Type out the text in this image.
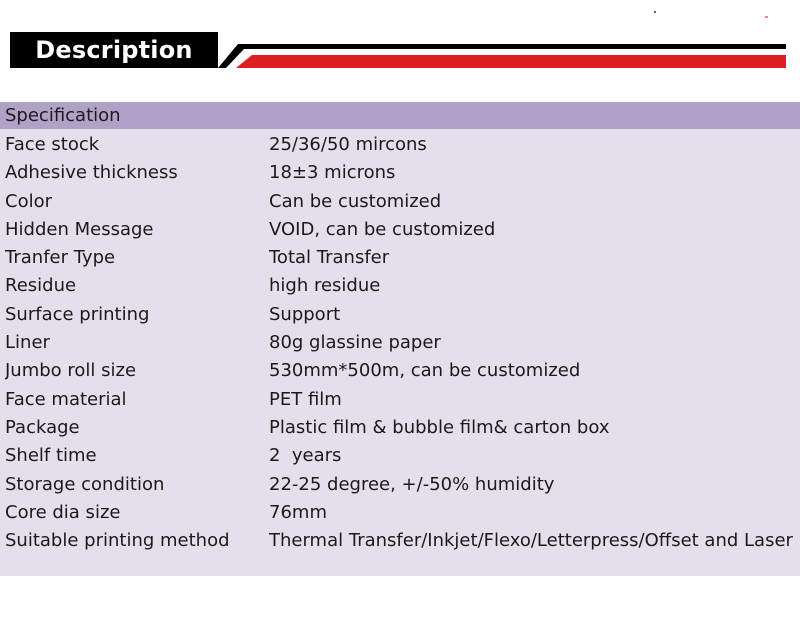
Description
Specification
Face stock	25/36/50 mircons
Adhesive thickness	18±3 microns
Color	Can be customized
Hidden Message	VOID, can be customized
Tranfer Type	Total Transfer
Residue	high residue
Surface printing	Support
Liner	80g glassine paper
Jumbo roll size	530mm*500m, can be customized
Face material	PET film
Package	Plastic film & bubble film& carton box
Shelf time	2  years
Storage condition	22-25 degree, +/-50% humidity
Core dia size	76mm
Suitable printing method	Thermal Transfer/Inkjet/Flexo/Letterpress/Offset and Laser
